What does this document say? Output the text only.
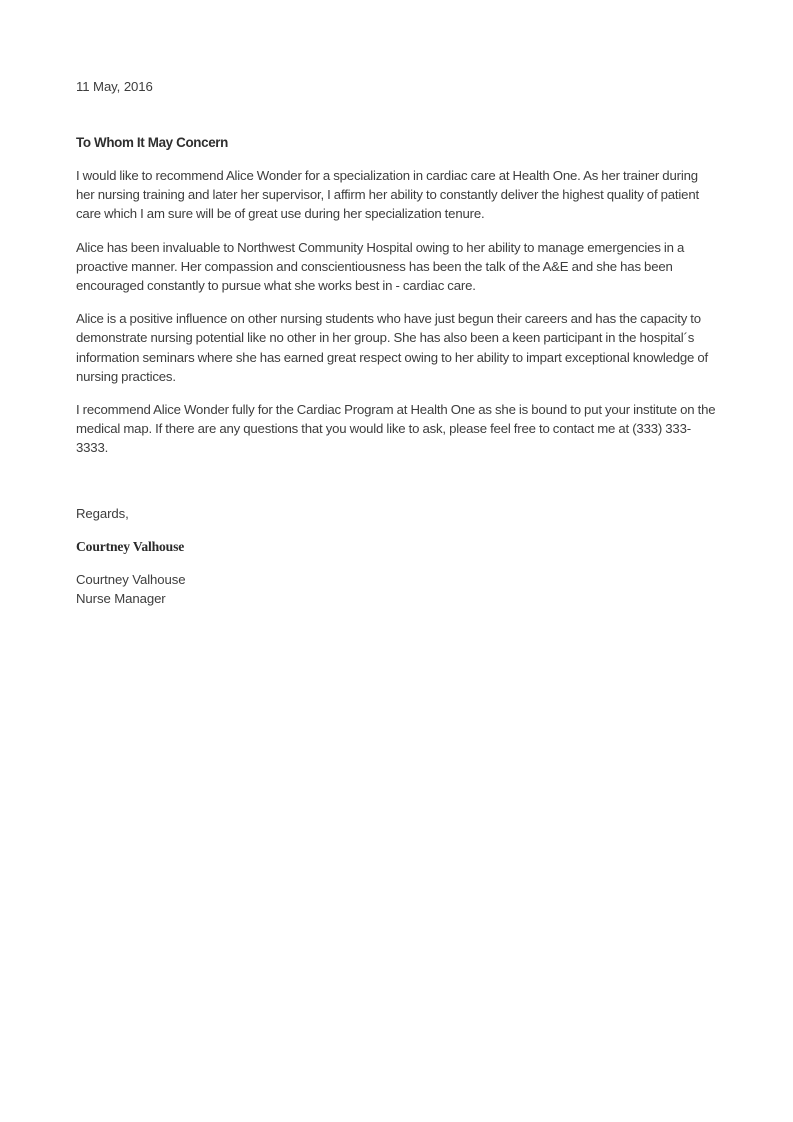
11 May, 2016

To Whom It May Concern

I would like to recommend Alice Wonder for a specialization in cardiac care at Health One. As her trainer during her nursing training and later her supervisor, I affirm her ability to constantly deliver the highest quality of patient care which I am sure will be of great use during her specialization tenure.

Alice has been invaluable to Northwest Community Hospital owing to her ability to manage emergencies in a proactive manner. Her compassion and conscientiousness has been the talk of the A&E and she has been encouraged constantly to pursue what she works best in - cardiac care.

Alice is a positive influence on other nursing students who have just begun their careers and has the capacity to demonstrate nursing potential like no other in her group. She has also been a keen participant in the hospital´s information seminars where she has earned great respect owing to her ability to impart exceptional knowledge of nursing practices.

I recommend Alice Wonder fully for the Cardiac Program at Health One as she is bound to put your institute on the medical map. If there are any questions that you would like to ask, please feel free to contact me at (333) 333-3333.

Regards,

Courtney Valhouse

Courtney Valhouse
Nurse Manager
